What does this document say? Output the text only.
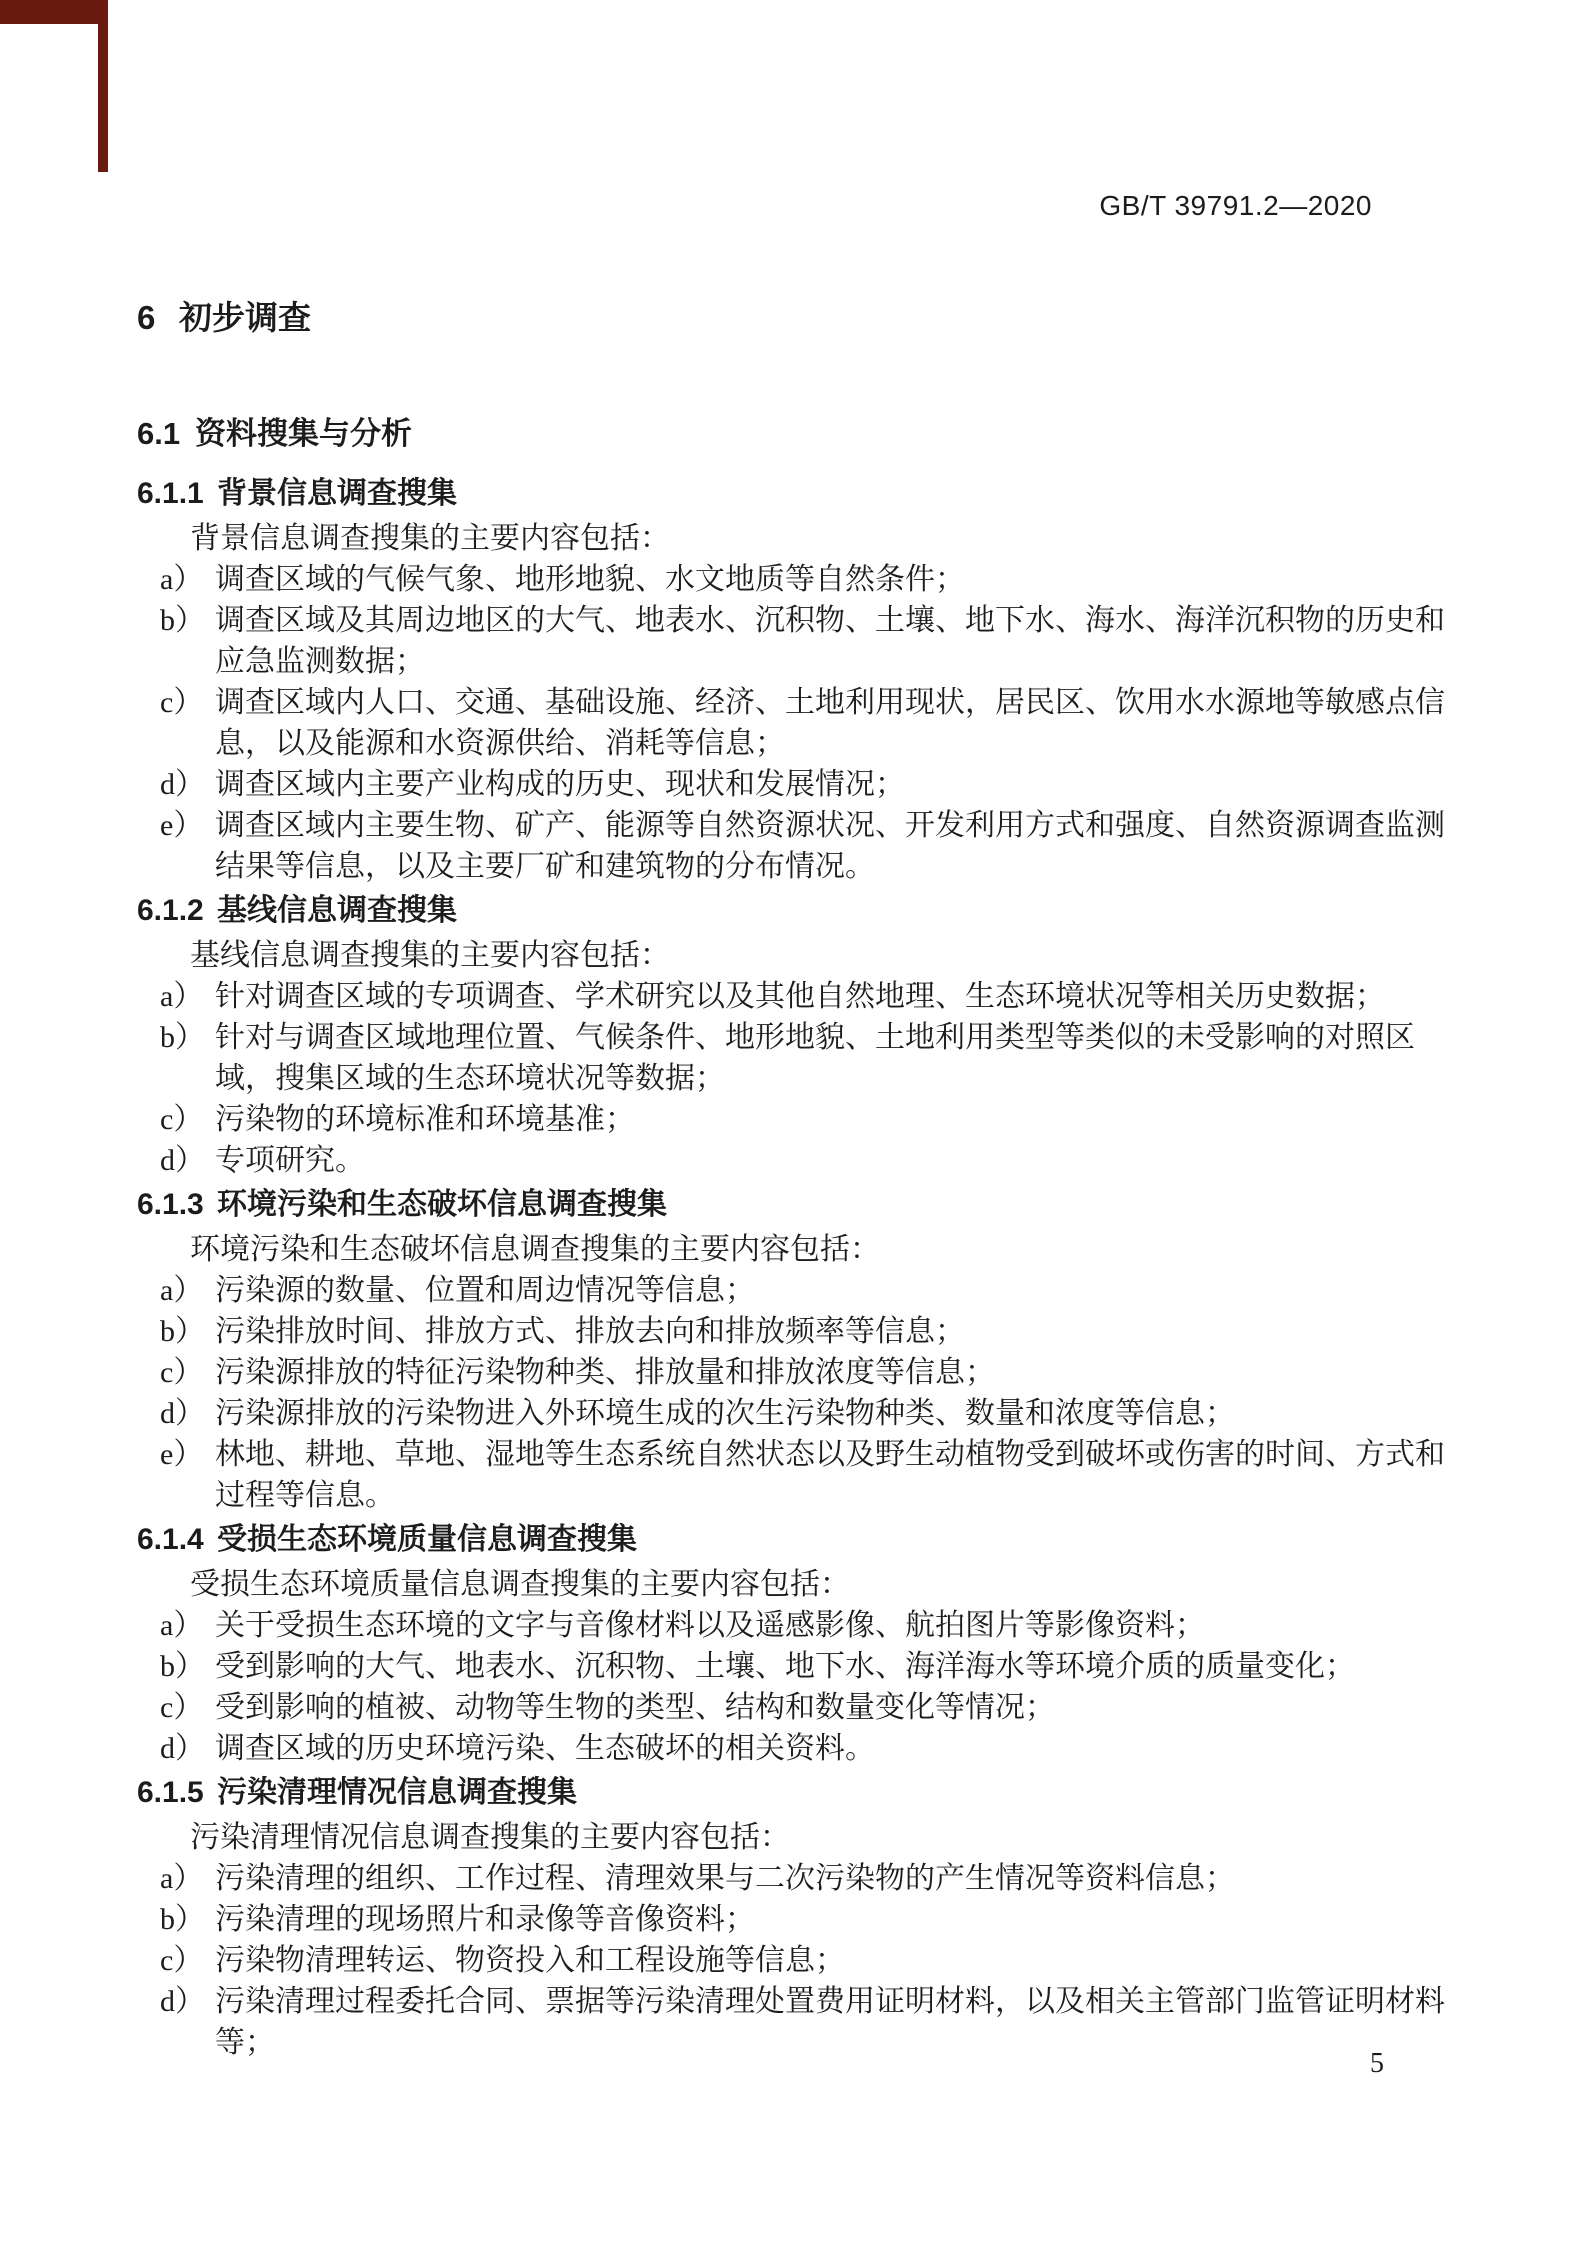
GB/T 39791.2—2020
6 初步调查
6.1 资料搜集与分析
6.1.1 背景信息调查搜集

背景信息调查搜集的主要内容包括：

a） 调查区域的气候气象、地形地貌、水文地质等自然条件；
b） 调查区域及其周边地区的大气、地表水、沉积物、土壤、地下水、海水、海洋沉积物的历史和应急监测数据；
c） 调查区域内人口、交通、基础设施、经济、土地利用现状，居民区、饮用水水源地等敏感点信息，以及能源和水资源供给、消耗等信息；
d） 调查区域内主要产业构成的历史、现状和发展情况；
e） 调查区域内主要生物、矿产、能源等自然资源状况、开发利用方式和强度、自然资源调查监测结果等信息，以及主要厂矿和建筑物的分布情况。
6.1.2 基线信息调查搜集

基线信息调查搜集的主要内容包括：

a） 针对调查区域的专项调查、学术研究以及其他自然地理、生态环境状况等相关历史数据；
b） 针对与调查区域地理位置、气候条件、地形地貌、土地利用类型等类似的未受影响的对照区域，搜集区域的生态环境状况等数据；
c） 污染物的环境标准和环境基准；
d） 专项研究。
6.1.3 环境污染和生态破坏信息调查搜集

环境污染和生态破坏信息调查搜集的主要内容包括：

a） 污染源的数量、位置和周边情况等信息；
b） 污染排放时间、排放方式、排放去向和排放频率等信息；
c） 污染源排放的特征污染物种类、排放量和排放浓度等信息；
d） 污染源排放的污染物进入外环境生成的次生污染物种类、数量和浓度等信息；
e） 林地、耕地、草地、湿地等生态系统自然状态以及野生动植物受到破坏或伤害的时间、方式和过程等信息。
6.1.4 受损生态环境质量信息调查搜集

受损生态环境质量信息调查搜集的主要内容包括：

a） 关于受损生态环境的文字与音像材料以及遥感影像、航拍图片等影像资料；
b） 受到影响的大气、地表水、沉积物、土壤、地下水、海洋海水等环境介质的质量变化；
c） 受到影响的植被、动物等生物的类型、结构和数量变化等情况；
d） 调查区域的历史环境污染、生态破坏的相关资料。
6.1.5 污染清理情况信息调查搜集

污染清理情况信息调查搜集的主要内容包括：

a） 污染清理的组织、工作过程、清理效果与二次污染物的产生情况等资料信息；
b） 污染清理的现场照片和录像等音像资料；
c） 污染物清理转运、物资投入和工程设施等信息；
d） 污染清理过程委托合同、票据等污染清理处置费用证明材料，以及相关主管部门监管证明材料等；
5
